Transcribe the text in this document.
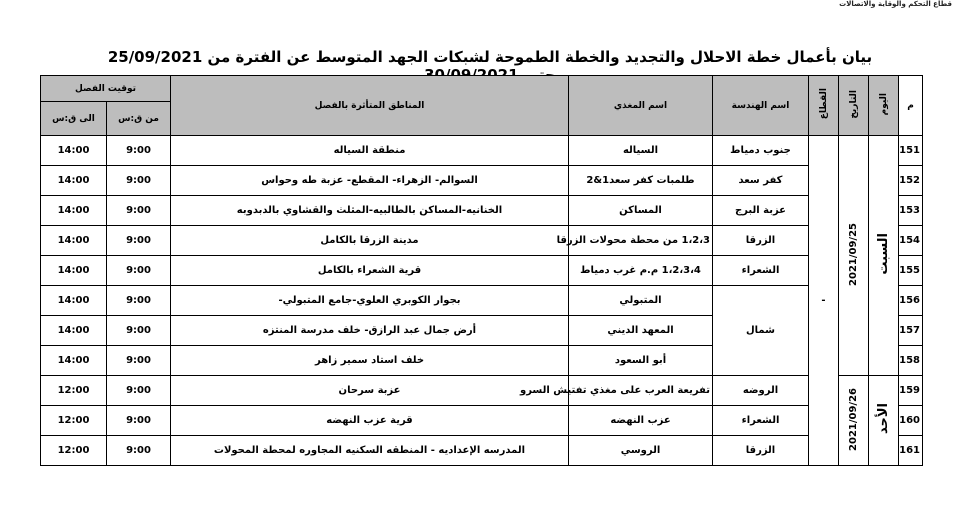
قطاع التحكم والوقاية والاتصالات
بيان بأعمال خطة الاحلال والتجديد والخطة الطموحة لشبكات الجهد المتوسط عن الفترة من 25/09/2021
م	اليوم	التاريخ	القطاع	اسم الهندسة	اسم المغذي	المناطق المتأثرة بالفصل	توقيت الفصل	
							من ق:س	الى ق:س
151	السبت	2021/09/25	-	جنوب دمياط	السياله	منطقة السياله	9:00	14:00
152				كفر سعد	طلمبات كفر سعد1&2	السوالم- الزهراء- المقطع- عزبة طه وحواس	9:00	14:00
153				عزبة البرج	المساكن	الخنانيه-المساكن بالطالبيه-المثلث والقشاوي بالدبدوبه	9:00	14:00
154				الزرقا	1،2،3 من محطة محولات الزرقا	مدينة الزرقا بالكامل	9:00	14:00
155				الشعراء	1،2،3،4 م.م غرب دمياط	قرية الشعراء بالكامل	9:00	14:00
156				شمال	المتبولي	بجوار الكوبري العلوي-جامع المتبولي-	9:00	14:00
157					المعهد الديني	أرض جمال عبد الرازق- خلف مدرسة المنتزه	9:00	14:00
158					أبو السعود	خلف استاد سمير زاهر	9:00	14:00
159	الأحد	2021/09/26		الروضه	تفريعة العرب على مغذي تفتيش السرو	عزبة سرحان	9:00	12:00
160				الشعراء	عزب النهضه	قرية عزب النهضه	9:00	12:00
161				الزرقا	الروسي	المدرسه الإعداديه - المنطقه السكنيه المجاوره لمحطة المحولات	9:00	12:00
